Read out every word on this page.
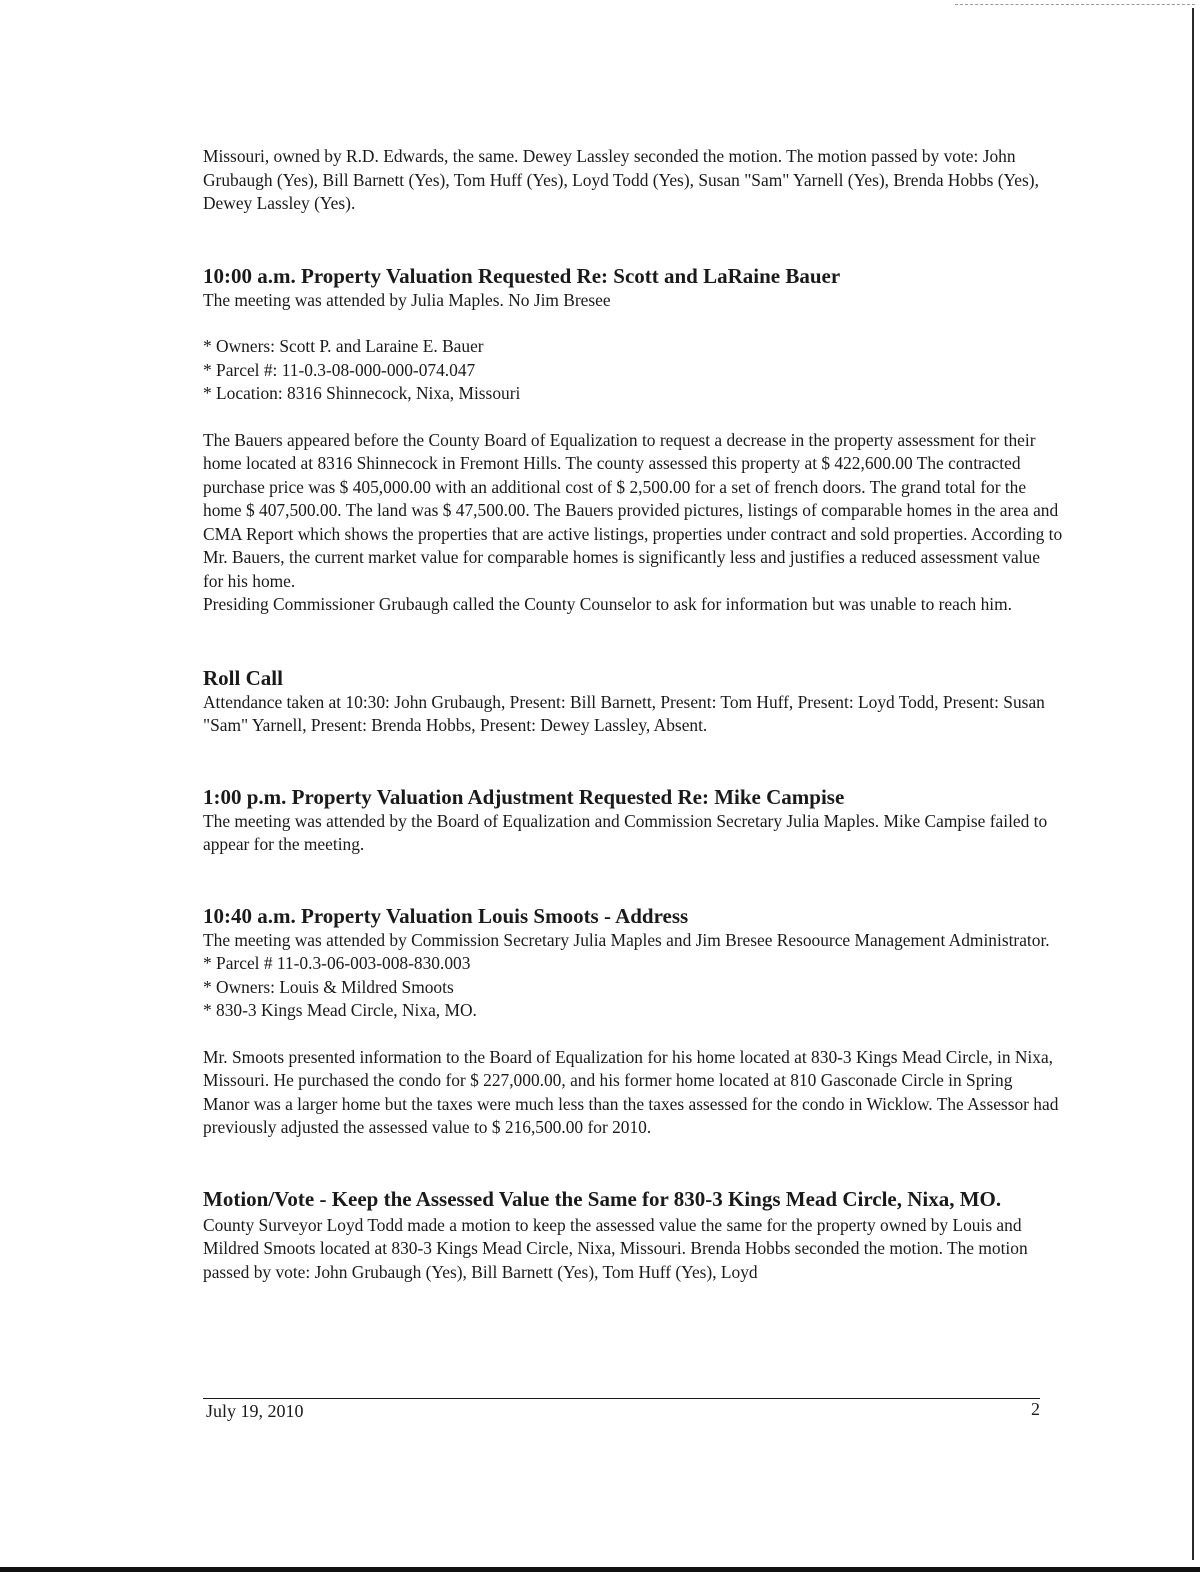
Missouri, owned by R.D. Edwards, the same. Dewey Lassley seconded the motion. The motion passed by vote: John Grubaugh (Yes), Bill Barnett (Yes), Tom Huff (Yes), Loyd Todd (Yes), Susan "Sam" Yarnell (Yes), Brenda Hobbs (Yes), Dewey Lassley (Yes).

10:00 a.m. Property Valuation Requested Re: Scott and LaRaine Bauer

The meeting was attended by Julia Maples. No Jim Bresee

* Owners: Scott P. and Laraine E. Bauer
* Parcel #: 11-0.3-08-000-000-074.047
* Location: 8316 Shinnecock, Nixa, Missouri

The Bauers appeared before the County Board of Equalization to request a decrease in the property assessment for their home located at 8316 Shinnecock in Fremont Hills. The county assessed this property at $ 422,600.00 The contracted purchase price was $ 405,000.00 with an additional cost of $ 2,500.00 for a set of french doors. The grand total for the home $ 407,500.00. The land was $ 47,500.00. The Bauers provided pictures, listings of comparable homes in the area and CMA Report which shows the properties that are active listings, properties under contract and sold properties. According to Mr. Bauers, the current market value for comparable homes is significantly less and justifies a reduced assessment value for his home.

Presiding Commissioner Grubaugh called the County Counselor to ask for information but was unable to reach him.

Roll Call

Attendance taken at 10:30: John Grubaugh, Present: Bill Barnett, Present: Tom Huff, Present: Loyd Todd, Present: Susan "Sam" Yarnell, Present: Brenda Hobbs, Present: Dewey Lassley, Absent.

1:00 p.m. Property Valuation Adjustment Requested Re: Mike Campise

The meeting was attended by the Board of Equalization and Commission Secretary Julia Maples. Mike Campise failed to appear for the meeting.

10:40 a.m. Property Valuation Louis Smoots - Address

The meeting was attended by Commission Secretary Julia Maples and Jim Bresee Resoource Management Administrator.

* Parcel # 11-0.3-06-003-008-830.003
* Owners: Louis & Mildred Smoots
* 830-3 Kings Mead Circle, Nixa, MO.

Mr. Smoots presented information to the Board of Equalization for his home located at 830-3 Kings Mead Circle, in Nixa, Missouri. He purchased the condo for $ 227,000.00, and his former home located at 810 Gasconade Circle in Spring Manor was a larger home but the taxes were much less than the taxes assessed for the condo in Wicklow. The Assessor had previously adjusted the assessed value to $ 216,500.00 for 2010.

Motion/Vote - Keep the Assessed Value the Same for 830-3 Kings Mead Circle, Nixa, MO.

County Surveyor Loyd Todd made a motion to keep the assessed value the same for the property owned by Louis and Mildred Smoots located at 830-3 Kings Mead Circle, Nixa, Missouri. Brenda Hobbs seconded the motion. The motion passed by vote: John Grubaugh (Yes), Bill Barnett (Yes), Tom Huff (Yes), Loyd

July 19, 2010	2
